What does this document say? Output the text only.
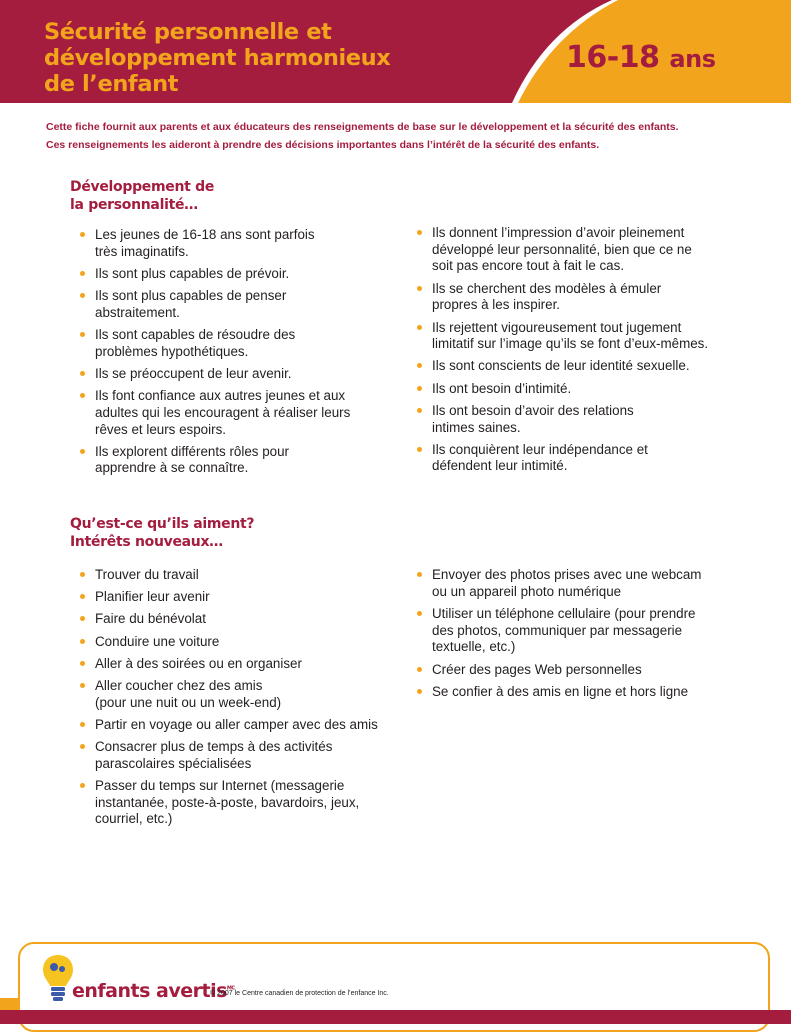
Sécurité personnelle et
développement harmonieux
de l’enfant
16-18 ans

Cette fiche fournit aux parents et aux éducateurs des renseignements de base sur le développement et la sécurité des enfants.

Ces renseignements les aideront à prendre des décisions importantes dans l’intérêt de la sécurité des enfants.

Développement de
la personnalité…
Les jeunes de 16-18 ans sont parfois
très imaginatifs.
Ils sont plus capables de prévoir.
Ils sont plus capables de penser
abstraitement.
Ils sont capables de résoudre des
problèmes hypothétiques.
Ils se préoccupent de leur avenir.
Ils font confiance aux autres jeunes et aux
adultes qui les encouragent à réaliser leurs
rêves et leurs espoirs.
Ils explorent différents rôles pour
apprendre à se connaître.
Ils donnent l’impression d’avoir pleinement
développé leur personnalité, bien que ce ne
soit pas encore tout à fait le cas.
Ils se cherchent des modèles à émuler
propres à les inspirer.
Ils rejettent vigoureusement tout jugement
limitatif sur l’image qu’ils se font d’eux-mêmes.
Ils sont conscients de leur identité sexuelle.
Ils ont besoin d’intimité.
Ils ont besoin d’avoir des relations
intimes saines.
Ils conquièrent leur indépendance et
défendent leur intimité.
Qu’est-ce qu’ils aiment?
Intérêts nouveaux…
Trouver du travail
Planifier leur avenir
Faire du bénévolat
Conduire une voiture
Aller à des soirées ou en organiser
Aller coucher chez des amis
(pour une nuit ou un week-end)
Partir en voyage ou aller camper avec des amis
Consacrer plus de temps à des activités
parascolaires spécialisées
Passer du temps sur Internet (messagerie
instantanée, poste-à-poste, bavardoirs, jeux,
courriel, etc.)
Envoyer des photos prises avec une webcam
ou un appareil photo numérique
Utiliser un téléphone cellulaire (pour prendre
des photos, communiquer par messagerie
textuelle, etc.)
Créer des pages Web personnelles
Se confier à des amis en ligne et hors ligne
enfants avertis$^{MC}$
© 2007 le Centre canadien de protection de l’enfance Inc.
